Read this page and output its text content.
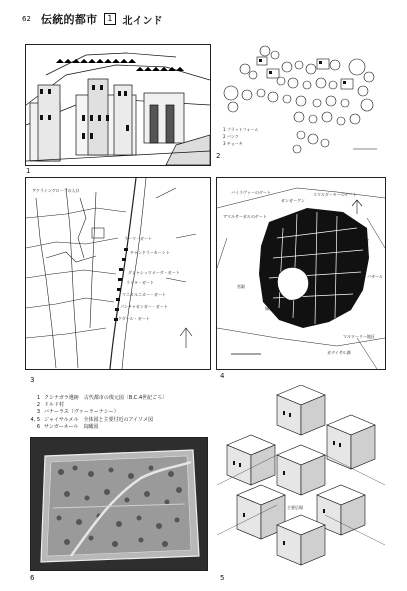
62 伝統的都市	1	北インド
1
1 プラットフォーム
2 バンク
3 チョーキ
2
アクライングロープの入口
ラーマ・ガート
チャンドラーカーント
ダシャシュワメーダ・ガート
ラリタ・ガート
マニカルニカー・ガート
パンチャガンガー・ガート
ケダール・ガート
3
バイラヴァーのゲート
ガンガーグン
スマルダーキーのゲート
アマルサーガルのゲート
ガデイサル湖
城塞
ジャイン寺院
バザール
マルワーリー地区
宮殿
4
1 クシナガラ遺跡　古代都市の復元図〔B.C.4世紀ごろ〕
2 ドルド村
3 バナーラス（ヴァーラーナシー）
4, 5 ジャイサルメル　全体図と主要付近のアイソメ図
6 サンガーネール　鳥瞰図
6
主要広場
5
